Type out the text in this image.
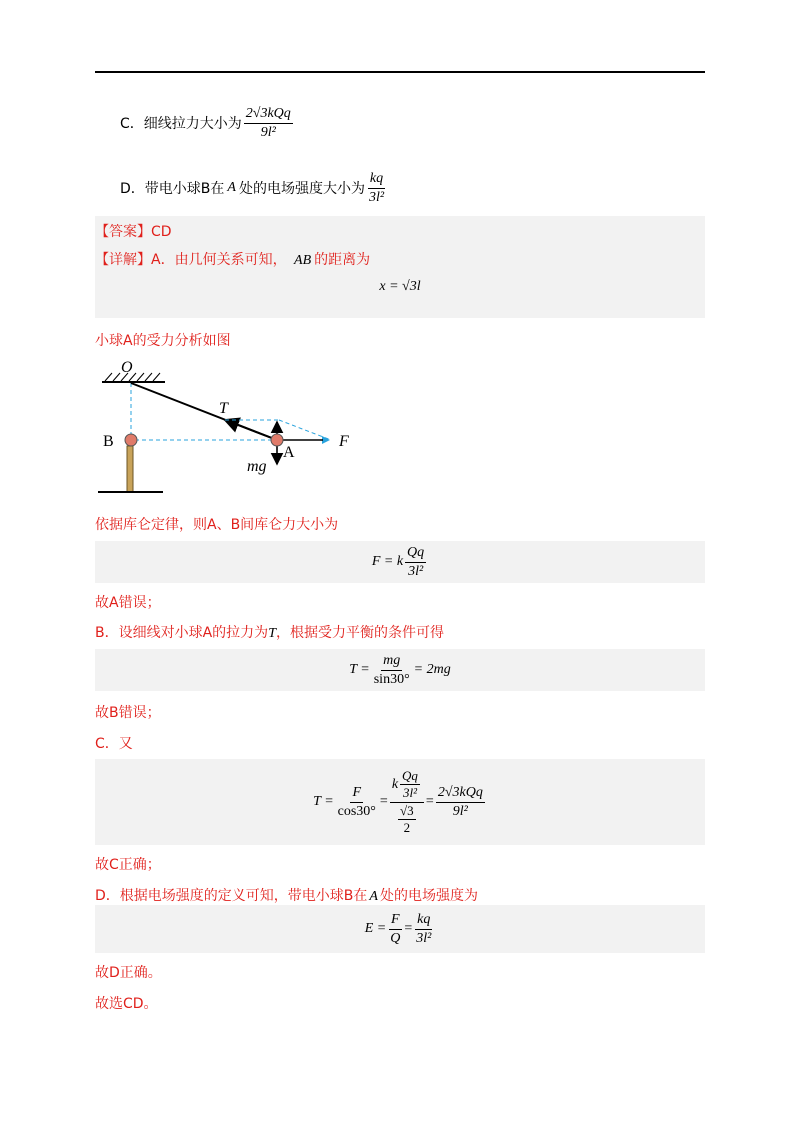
C．细线拉力大小为 $\frac{\text{2√3kQq}}{\text{9l²}}$
D．带电小球B在 A 处的电场强度大小为 $\frac{kq}{\text{3l²}}$
【答案】CD
【详解】A．由几何关系可知， AB 的距离为
x = √3l
小球A的受力分析如图
O
T
F
mg
A
B
依据库仑定律，则A、B间库仑力大小为
F = k $\frac{Qq}{\text{3l²}}$
故A错误；
B．设细线对小球A的拉力为T，根据受力平衡的条件可得
$T = \frac{mg}{\sin 30^\circ} = 2mg$
故B错误；
C．又
$T = \frac{F}{\cos 30^\circ} = \frac{k \frac{Qq}{\text{3l²}}}{\frac{√3}{2}} = \frac{\text{2√3kQq}}{\text{9l²}}$
故C正确；
D．根据电场强度的定义可知，带电小球B在 A 处的电场强度为
$E = \frac{F}{Q} = \frac{kq}{\text{3l²}}$
故D正确。
故选CD。
